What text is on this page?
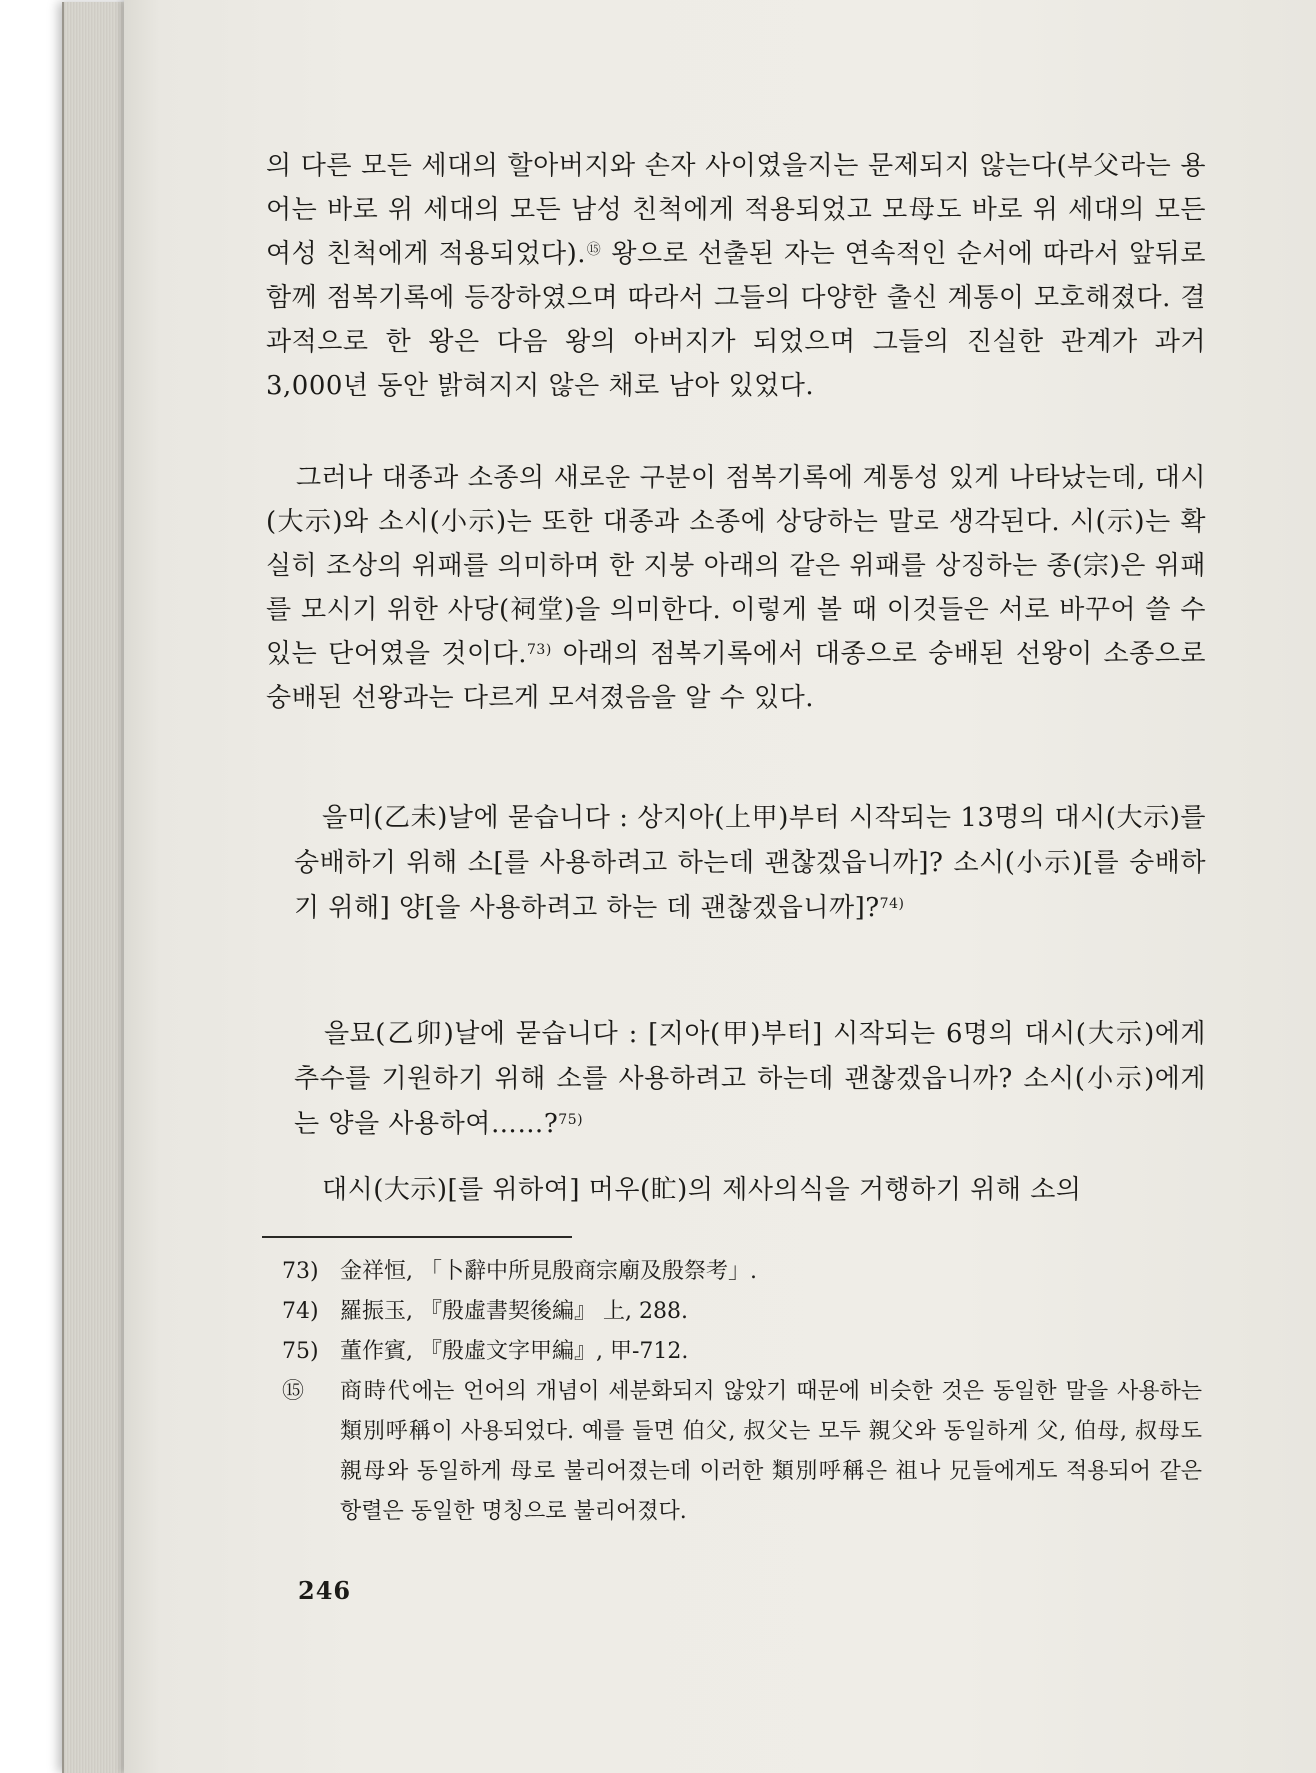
의 다른 모든 세대의 할아버지와 손자 사이였을지는 문제되지 않는다(부父라는 용어는 바로 위 세대의 모든 남성 친척에게 적용되었고 모母도 바로 위 세대의 모든 여성 친척에게 적용되었다).⑮ 왕으로 선출된 자는 연속적인 순서에 따라서 앞뒤로 함께 점복기록에 등장하였으며 따라서 그들의 다양한 출신 계통이 모호해졌다. 결과적으로 한 왕은 다음 왕의 아버지가 되었으며 그들의 진실한 관계가 과거 3,000년 동안 밝혀지지 않은 채로 남아 있었다.

그러나 대종과 소종의 새로운 구분이 점복기록에 계통성 있게 나타났는데, 대시(大示)와 소시(小示)는 또한 대종과 소종에 상당하는 말로 생각된다. 시(示)는 확실히 조상의 위패를 의미하며 한 지붕 아래의 같은 위패를 상징하는 종(宗)은 위패를 모시기 위한 사당(祠堂)을 의미한다. 이렇게 볼 때 이것들은 서로 바꾸어 쓸 수 있는 단어였을 것이다.$^{73)}$ 아래의 점복기록에서 대종으로 숭배된 선왕이 소종으로 숭배된 선왕과는 다르게 모셔졌음을 알 수 있다.

을미(乙未)날에 묻습니다 : 상지아(上甲)부터 시작되는 13명의 대시(大示)를 숭배하기 위해 소[를 사용하려고 하는데 괜찮겠읍니까]? 소시(小示)[를 숭배하기 위해] 양[을 사용하려고 하는 데 괜찮겠읍니까]?$^{74)}$

을묘(乙卯)날에 묻습니다 : [지아(甲)부터] 시작되는 6명의 대시(大示)에게 추수를 기원하기 위해 소를 사용하려고 하는데 괜찮겠읍니까? 소시(小示)에게는 양을 사용하여……?$^{75)}$

대시(大示)[를 위하여] 머우(盳)의 제사의식을 거행하기 위해 소의

73) 金祥恒, 「卜辭中所見殷商宗廟及殷祭考」.

74) 羅振玉, 『殷虛書契後編』 上, 288.

75) 董作賓, 『殷虛文字甲編』, 甲-712.

⑮	商時代에는 언어의 개념이 세분화되지 않았기 때문에 비슷한 것은 동일한 말을 사용하는 類別呼稱이 사용되었다. 예를 들면 伯父, 叔父는 모두 親父와 동일하게 父, 伯母, 叔母도 親母와 동일하게 母로 불리어졌는데 이러한 類別呼稱은 祖나 兄들에게도 적용되어 같은 항렬은 동일한 명칭으로 불리어졌다.

246
